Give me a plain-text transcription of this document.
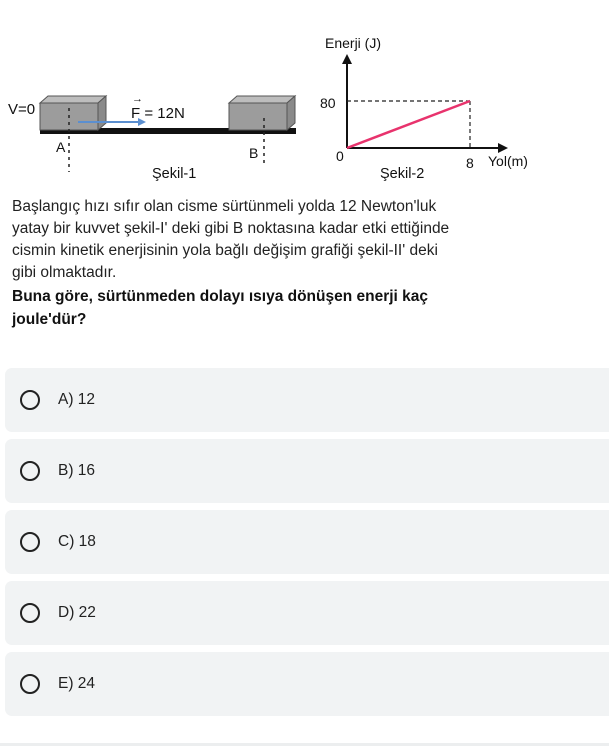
V=0
A
→
F = 12N
B
Şekil-1
Enerji (J)
80
0	8 Yol(m)
Şekil-2
Başlangıç hızı sıfır olan cisme sürtünmeli yolda 12 Newton'luk
yatay bir kuvvet şekil-I' deki gibi B noktasına kadar etki ettiğinde
cismin kinetik enerjisinin yola bağlı değişim grafiği şekil-II' deki
gibi olmaktadır.
Buna göre, sürtünmeden dolayı ısıya dönüşen enerji kaç
joule'dür?
A) 12
B) 16
C) 18
D) 22
E) 24
